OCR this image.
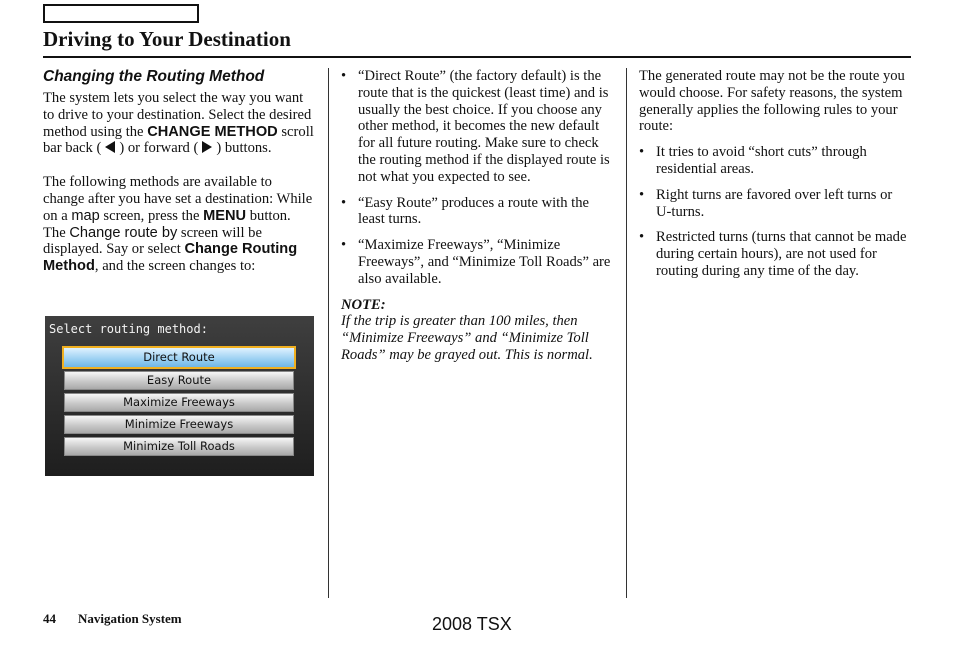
Driving to Your Destination
Changing the Routing Method

The system lets you select the way you want to drive to your destination. Select the desired method using the CHANGE METHOD scroll bar back ( ) or forward ( ) buttons.

The following methods are available to change after you have set a destination: While on a map screen, press the MENU button. The Change route by screen will be displayed. Say or select Change Routing Method, and the screen changes to:

Select routing method:
Direct Route
Easy Route
Maximize Freeways
Minimize Freeways
Minimize Toll Roads
• “Direct Route” (the factory default) is the route that is the quickest (least time) and is usually the best choice. If you choose any other method, it becomes the new default for all future routing. Make sure to check the routing method if the displayed route is not what you expected to see.
• “Easy Route” produces a route with the least turns.
• “Maximize Freeways”, “Minimize Freeways”, and “Minimize Toll Roads” are also available.

NOTE:

If the trip is greater than 100 miles, then “Minimize Freeways” and “Minimize Toll Roads” may be grayed out. This is normal.

The generated route may not be the route you would choose. For safety reasons, the system generally applies the following rules to your route:

• It tries to avoid “short cuts” through residential areas.
• Right turns are favored over left turns or U-turns.
• Restricted turns (turns that cannot be made during certain hours), are not used for routing during any time of the day.
44 Navigation System	2008 TSX
